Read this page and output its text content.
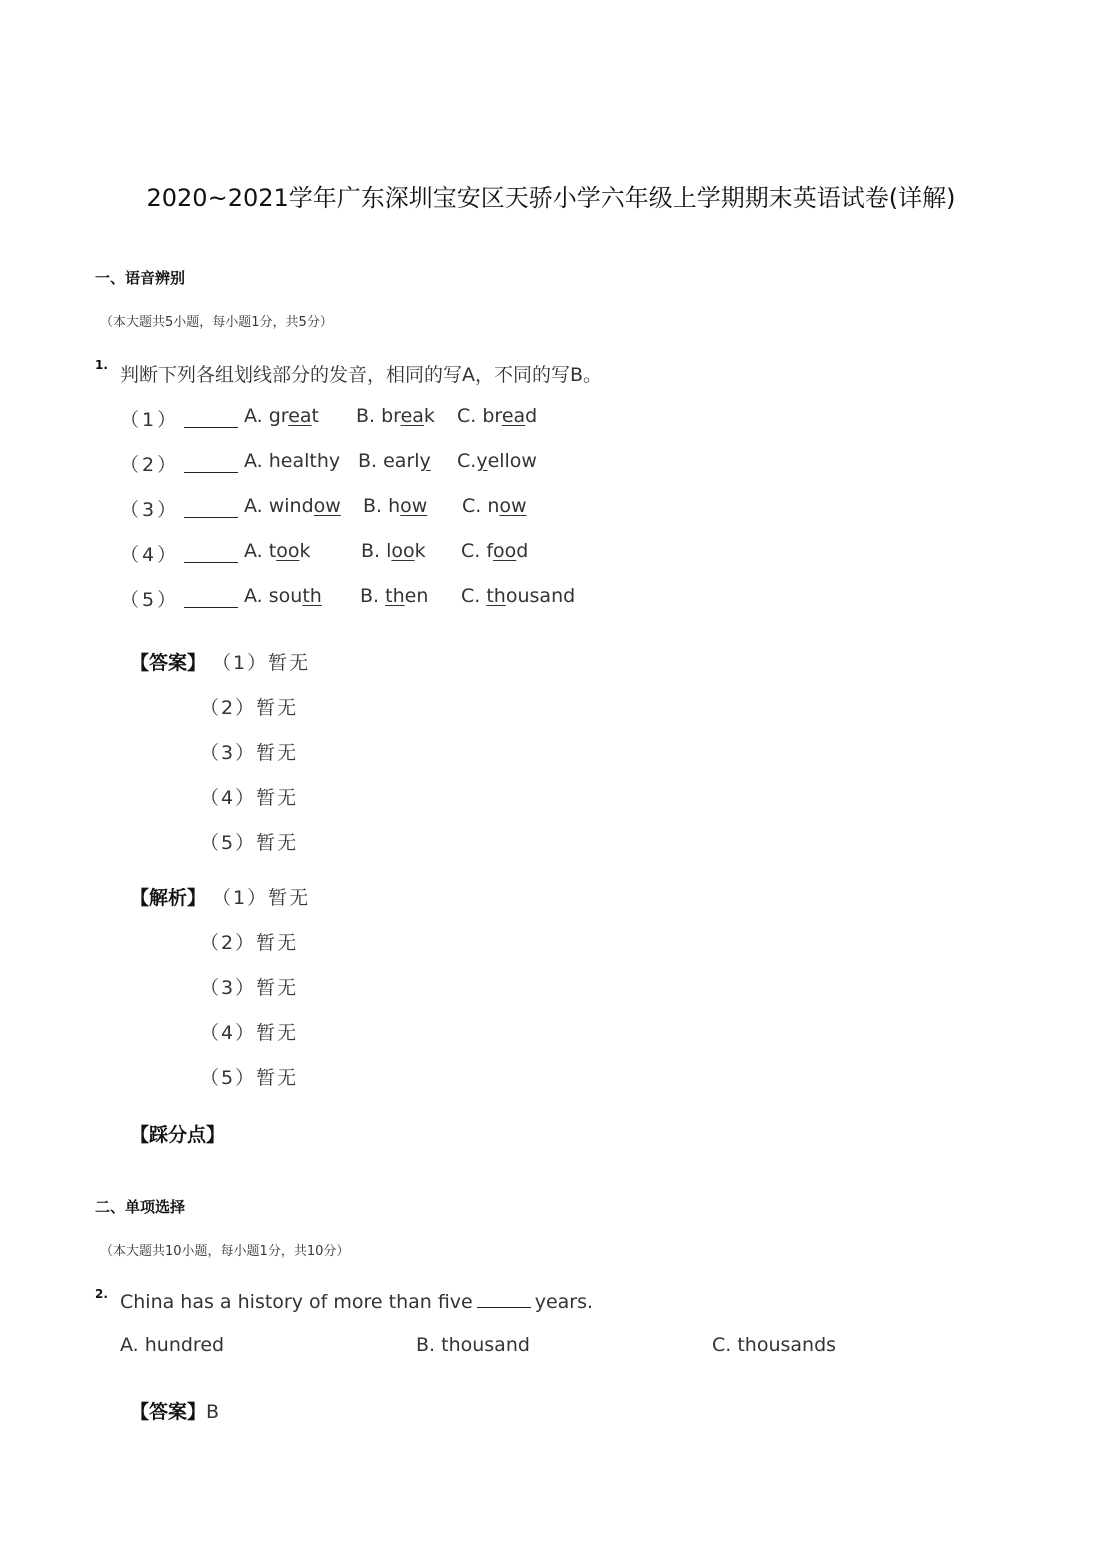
2020~2021学年广东深圳宝安区天骄小学六年级上学期期末英语试卷(详解)
一、语音辨别
（本大题共5小题，每小题1分，共5分）
1. 判断下列各组划线部分的发音，相同的写A，不同的写B。
（1）	A. great B. break C. bread
（2）	A. healthy B. early C.yellow
（3）	A. window B. how C. now
（4）	A. took	B. look C. food
（5）	A. south B. then C. thousand
【答案】 （1）暂无
（2）暂无
（3）暂无
（4）暂无
（5）暂无
【解析】 （1）暂无
（2）暂无
（3）暂无
（4）暂无
（5）暂无
【踩分点】
二、单项选择
（本大题共10小题，每小题1分，共10分）
2. China has a history of more than five	years.
A. hundred	B. thousand	C. thousands
【答案】B
